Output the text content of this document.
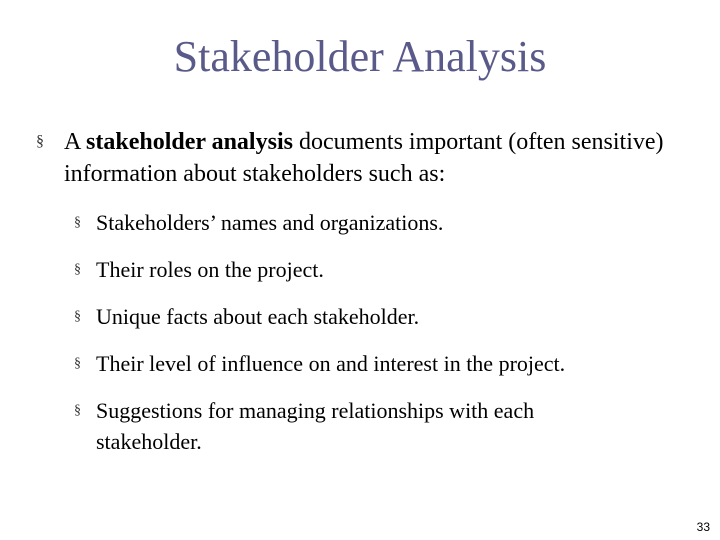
Stakeholder Analysis
§ A stakeholder analysis documents important (often sensitive) information about stakeholders such as:
§ Stakeholders’ names and organizations.
§ Their roles on the project.
§ Unique facts about each stakeholder.
§ Their level of influence on and interest in the project.
§ Suggestions for managing relationships with each stakeholder.
33
